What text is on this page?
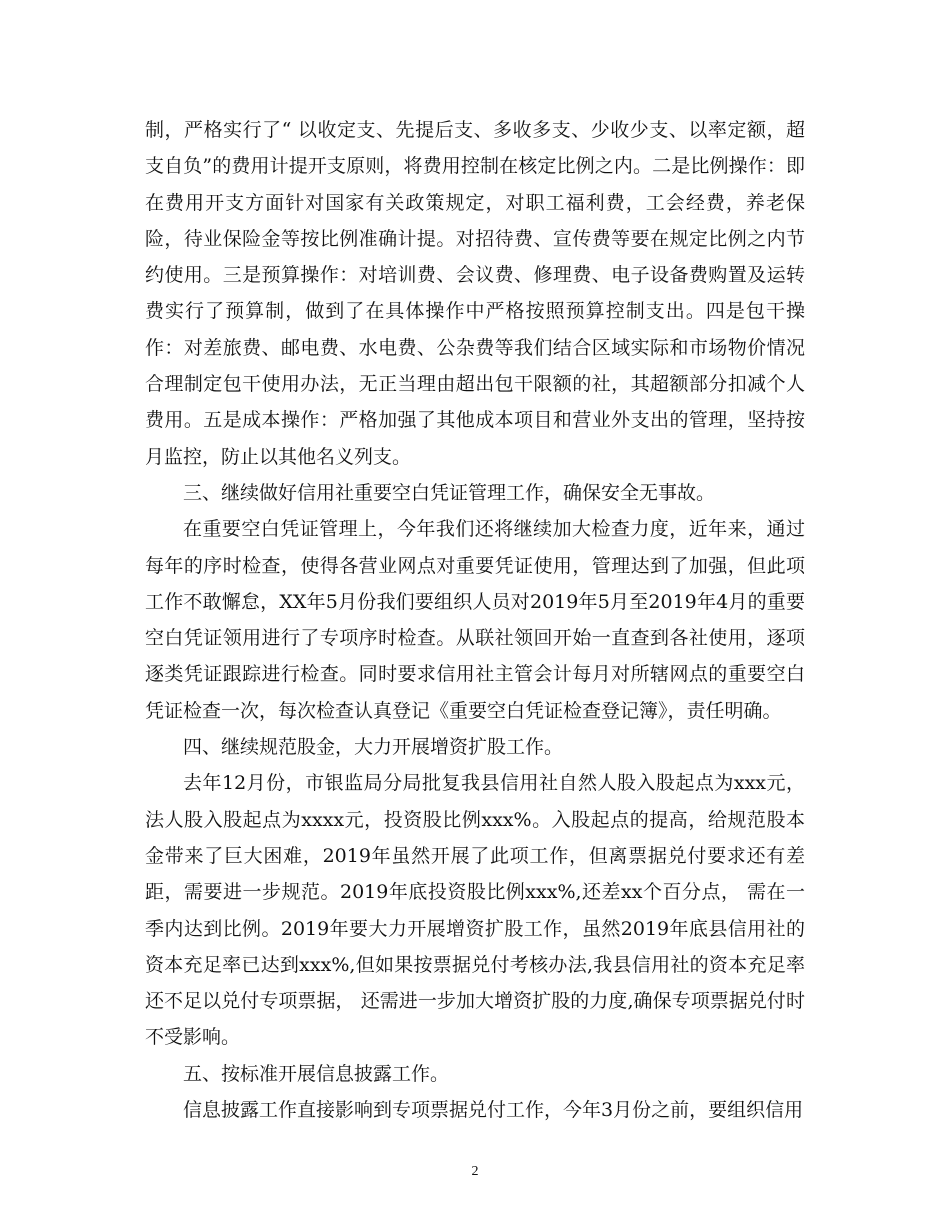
制，严格实行了“ 以收定支、先提后支、多收多支、少收少支、以率定额，超支自负”的费用计提开支原则，将费用控制在核定比例之内。二是比例操作：即在费用开支方面针对国家有关政策规定，对职工福利费，工会经费，养老保险，待业保险金等按比例准确计提。对招待费、宣传费等要在规定比例之内节约使用。三是预算操作：对培训费、会议费、修理费、电子设备费购置及运转费实行了预算制，做到了在具体操作中严格按照预算控制支出。四是包干操作：对差旅费、邮电费、水电费、公杂费等我们结合区域实际和市场物价情况合理制定包干使用办法，无正当理由超出包干限额的社，其超额部分扣减个人费用。五是成本操作：严格加强了其他成本项目和营业外支出的管理，坚持按月监控，防止以其他名义列支。

三、继续做好信用社重要空白凭证管理工作，确保安全无事故。

在重要空白凭证管理上，今年我们还将继续加大检查力度，近年来，通过每年的序时检查，使得各营业网点对重要凭证使用，管理达到了加强，但此项工作不敢懈怠，XX年5月份我们要组织人员对2019年5月至2019年4月的重要空白凭证领用进行了专项序时检查。从联社领回开始一直查到各社使用，逐项逐类凭证跟踪进行检查。同时要求信用社主管会计每月对所辖网点的重要空白凭证检查一次，每次检查认真登记《重要空白凭证检查登记簿》，责任明确。

四、继续规范股金，大力开展增资扩股工作。

去年12月份，市银监局分局批复我县信用社自然人股入股起点为xxx元，法人股入股起点为xxxx元，投资股比例xxx%。入股起点的提高，给规范股本金带来了巨大困难，2019年虽然开展了此项工作，但离票据兑付要求还有差距，需要进一步规范。2019年底投资股比例xxx%,还差xx个百分点， 需在一季内达到比例。2019年要大力开展增资扩股工作，虽然2019年底县信用社的资本充足率已达到xxx%,但如果按票据兑付考核办法,我县信用社的资本充足率还不足以兑付专项票据， 还需进一步加大增资扩股的力度,确保专项票据兑付时不受影响。

五、按标准开展信息披露工作。

信息披露工作直接影响到专项票据兑付工作，今年3月份之前，要组织信用

2
